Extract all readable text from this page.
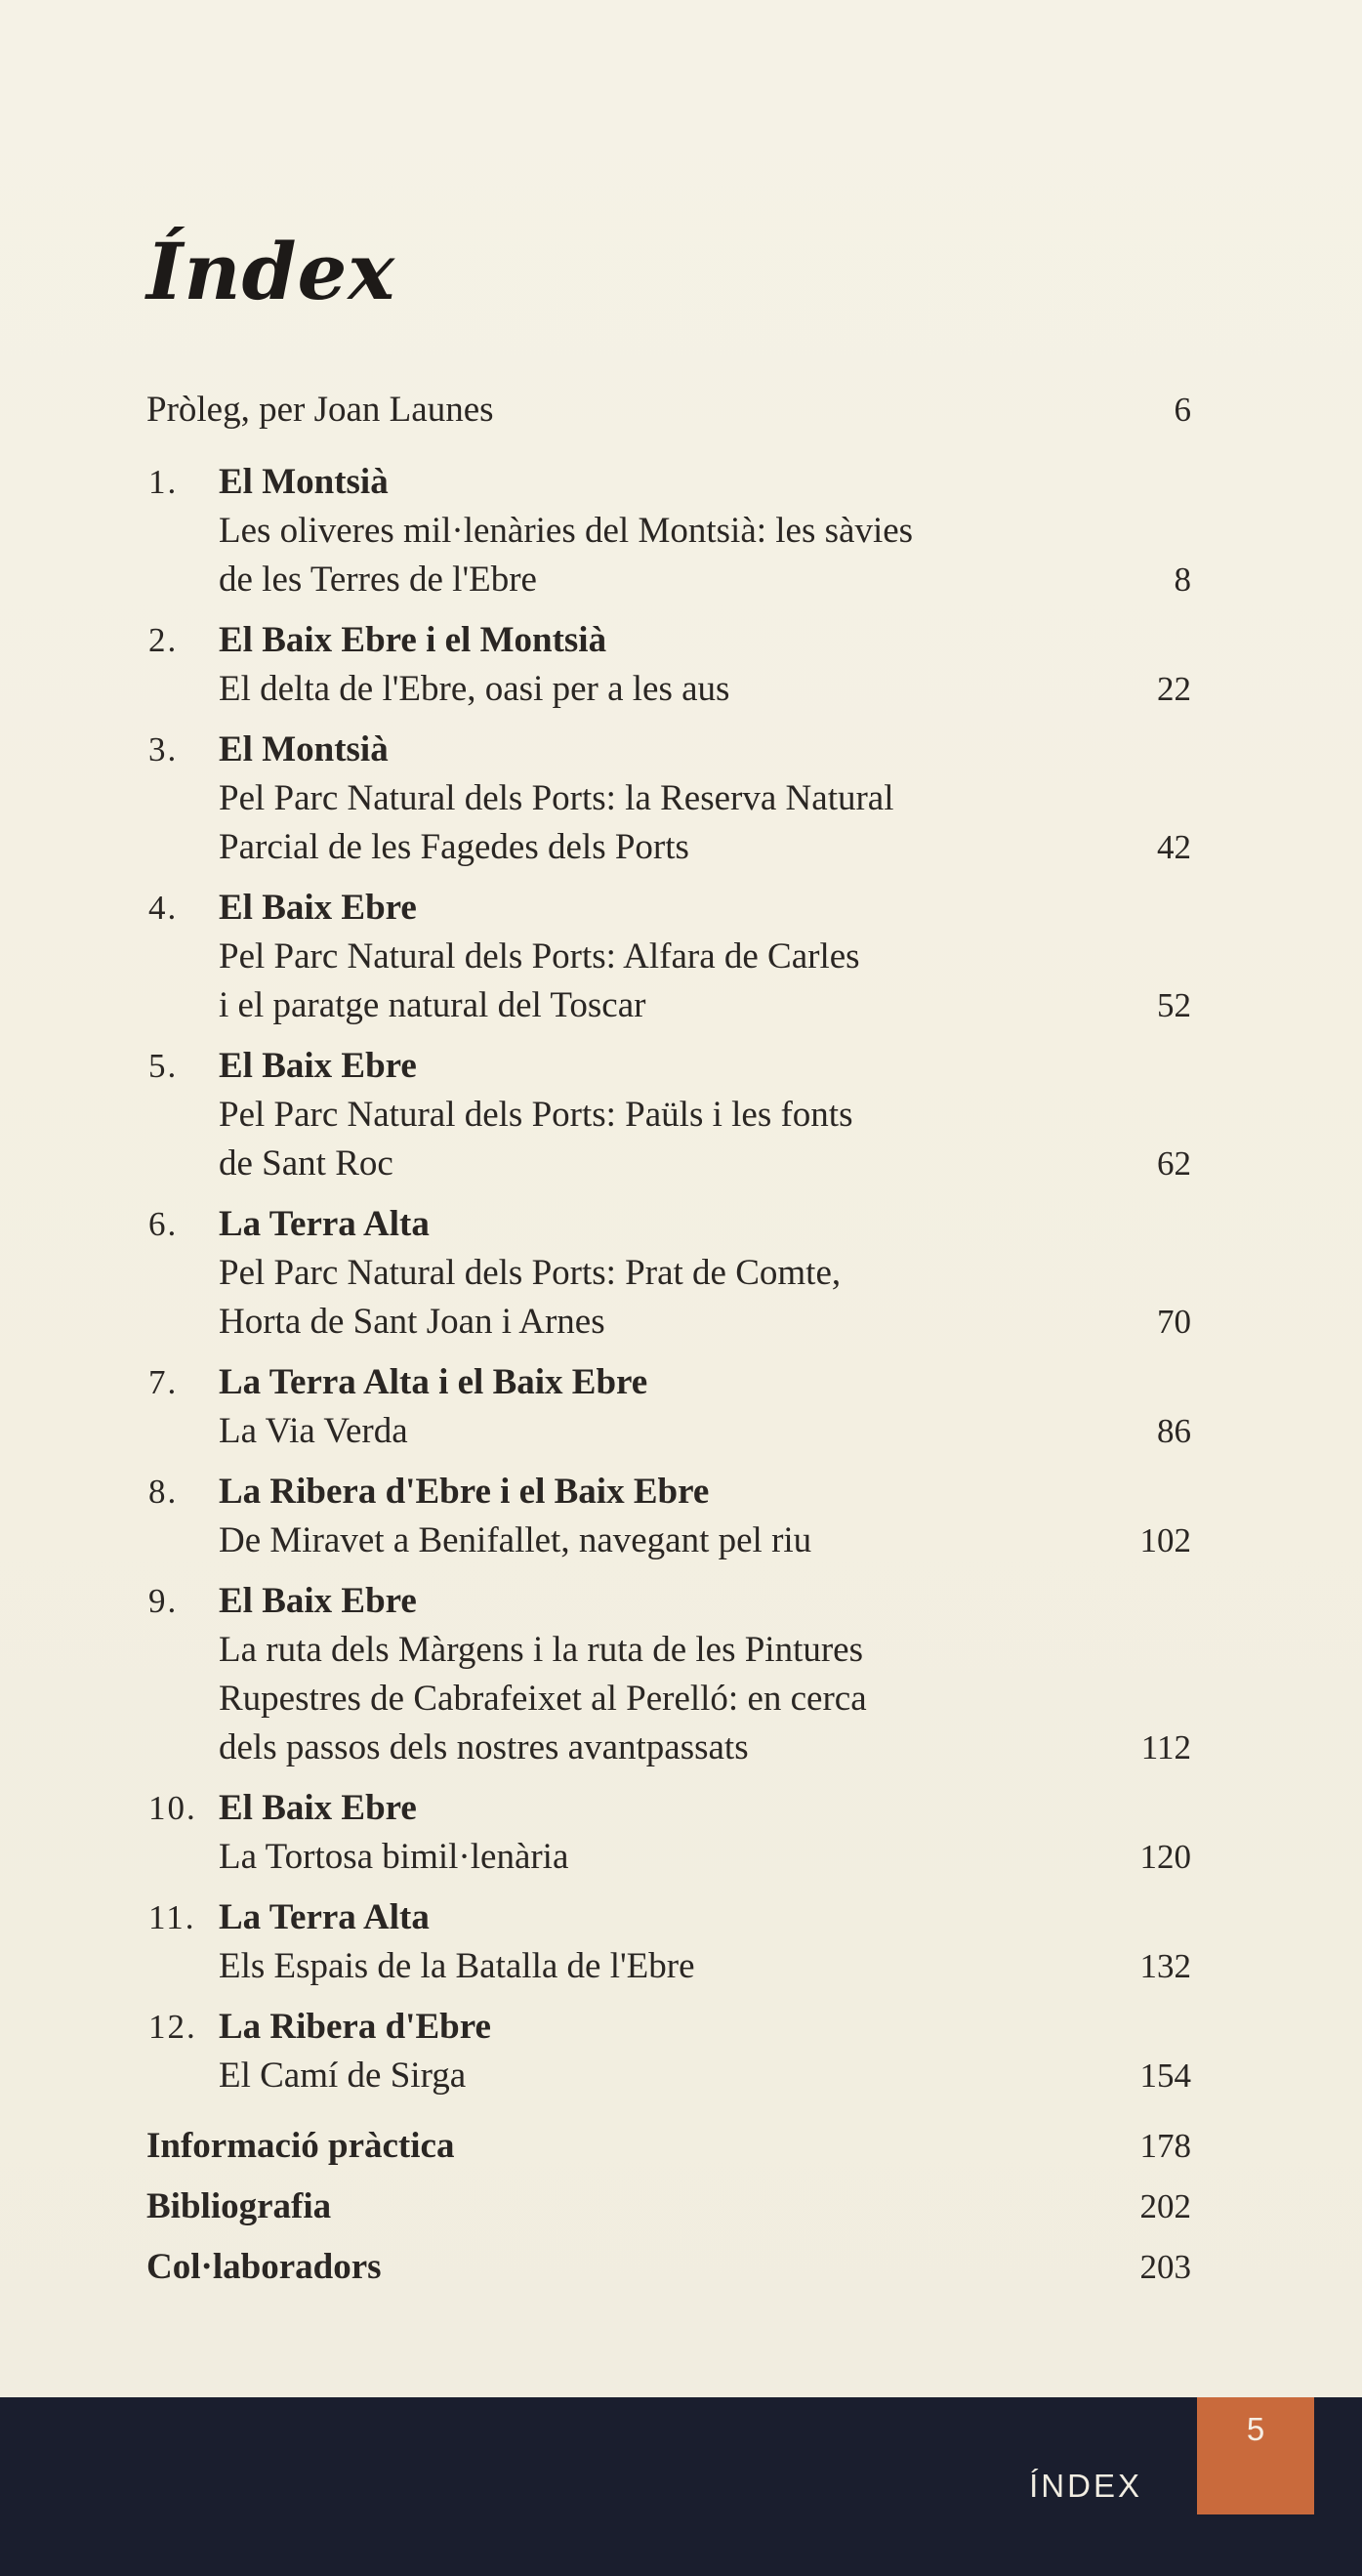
Índex
Pròleg, per Joan Launes	6
1. El Montsià
Les oliveres mil·lenàries del Montsià: les sàvies
de les Terres de l'Ebre	8
2. El Baix Ebre i el Montsià
El delta de l'Ebre, oasi per a les aus	22
3. El Montsià
Pel Parc Natural dels Ports: la Reserva Natural
Parcial de les Fagedes dels Ports	42
4. El Baix Ebre
Pel Parc Natural dels Ports: Alfara de Carles
i el paratge natural del Toscar	52
5. El Baix Ebre
Pel Parc Natural dels Ports: Paüls i les fonts
de Sant Roc	62
6. La Terra Alta
Pel Parc Natural dels Ports: Prat de Comte,
Horta de Sant Joan i Arnes	70
7. La Terra Alta i el Baix Ebre
La Via Verda	86
8. La Ribera d'Ebre i el Baix Ebre
De Miravet a Benifallet, navegant pel riu	102
9. El Baix Ebre
La ruta dels Màrgens i la ruta de les Pintures
Rupestres de Cabrafeixet al Perelló: en cerca
dels passos dels nostres avantpassats	112
10. El Baix Ebre
La Tortosa bimil·lenària	120
11. La Terra Alta
Els Espais de la Batalla de l'Ebre	132
12. La Ribera d'Ebre
El Camí de Sirga	154
Informació pràctica	178
Bibliografia	202
Col·laboradors	203
ÍNDEX
5
